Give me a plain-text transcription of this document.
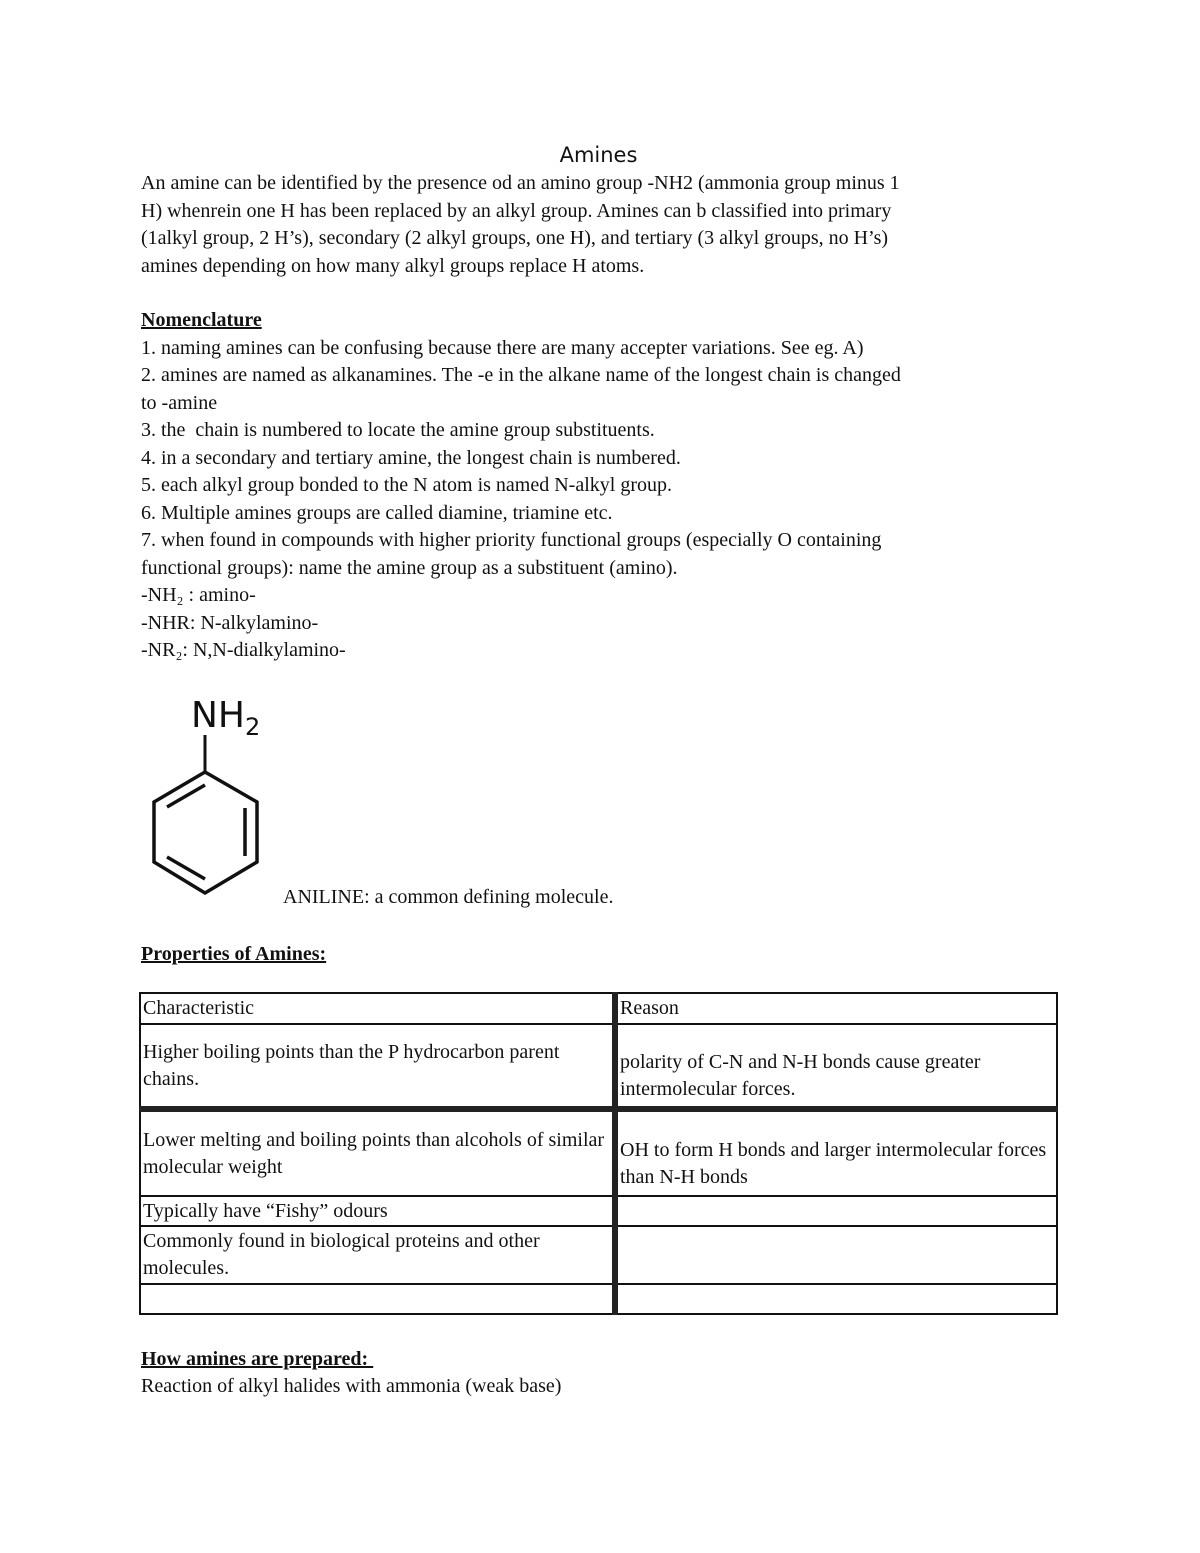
Amines

An amine can be identified by the presence od an amino group -NH2 (ammonia group minus 1

H) whenrein one H has been replaced by an alkyl group. Amines can b classified into primary

(1alkyl group, 2 H’s), secondary (2 alkyl groups, one H), and tertiary (3 alkyl groups, no H’s)

amines depending on how many alkyl groups replace H atoms.

Nomenclature

1. naming amines can be confusing because there are many accepter variations. See eg. A)

2. amines are named as alkanamines. The -e in the alkane name of the longest chain is changed

to -amine

3. the  chain is numbered to locate the amine group substituents.

4. in a secondary and tertiary amine, the longest chain is numbered.

5. each alkyl group bonded to the N atom is named N-alkyl group.

6. Multiple amines groups are called diamine, triamine etc.

7. when found in compounds with higher priority functional groups (especially O containing

functional groups): name the amine group as a substituent (amino).

-NH₂ : amino-

-NHR: N-alkylamino-

-NR₂: N,N-dialkylamino-

$NH_2$
ANILINE: a common defining molecule.
Properties of Amines:
Characteristic	Reason
Higher boiling points than the P hydrocarbon parent chains.	polarity of C-N and N-H bonds cause greater intermolecular forces.
Lower melting and boiling points than alcohols of similar molecular weight	OH to form H bonds and larger intermolecular forces than N-H bonds
Typically have “Fishy” odours	
Commonly found in biological proteins and other molecules.	

How amines are prepared:

Reaction of alkyl halides with ammonia (weak base)
